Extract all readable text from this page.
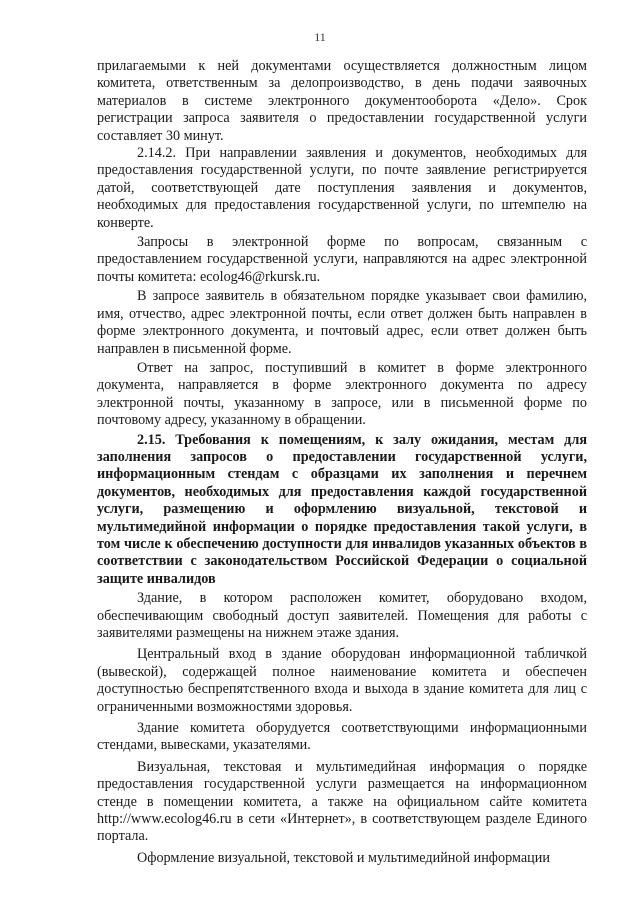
11

прилагаемыми к ней документами осуществляется должностным лицом комитета, ответственным за делопроизводство, в день подачи заявочных материалов в системе электронного документооборота «Дело». Срок регистрации запроса заявителя о предоставлении государственной услуги составляет 30 минут.

2.14.2. При направлении заявления и документов, необходимых для предоставления государственной услуги, по почте заявление регистрируется датой, соответствующей дате поступления заявления и документов, необходимых для предоставления государственной услуги, по штемпелю на конверте.

Запросы в электронной форме по вопросам, связанным с предоставлением государственной услуги, направляются на адрес электронной почты комитета: ecolog46@rkursk.ru.

В запросе заявитель в обязательном порядке указывает свои фамилию, имя, отчество, адрес электронной почты, если ответ должен быть направлен в форме электронного документа, и почтовый адрес, если ответ должен быть направлен в письменной форме.

Ответ на запрос, поступивший в комитет в форме электронного документа, направляется в форме электронного документа по адресу электронной почты, указанному в запросе, или в письменной форме по почтовому адресу, указанному в обращении.

2.15. Требования к помещениям, к залу ожидания, местам для заполнения запросов о предоставлении государственной услуги, информационным стендам с образцами их заполнения и перечнем документов, необходимых для предоставления каждой государственной услуги, размещению и оформлению визуальной, текстовой и мультимедийной информации о порядке предоставления такой услуги, в том числе к обеспечению доступности для инвалидов указанных объектов в соответствии с законодательством Российской Федерации о социальной защите инвалидов

Здание, в котором расположен комитет, оборудовано входом, обеспечивающим свободный доступ заявителей. Помещения для работы с заявителями размещены на нижнем этаже здания.

Центральный вход в здание оборудован информационной табличкой (вывеской), содержащей полное наименование комитета и обеспечен доступностью беспрепятственного входа и выхода в здание комитета для лиц с ограниченными возможностями здоровья.

Здание комитета оборудуется соответствующими информационными стендами, вывесками, указателями.

Визуальная, текстовая и мультимедийная информация о порядке предоставления государственной услуги размещается на информационном стенде в помещении комитета, а также на официальном сайте комитета http://www.ecolog46.ru в сети «Интернет», в соответствующем разделе Единого портала.

Оформление визуальной, текстовой и мультимедийной информации
